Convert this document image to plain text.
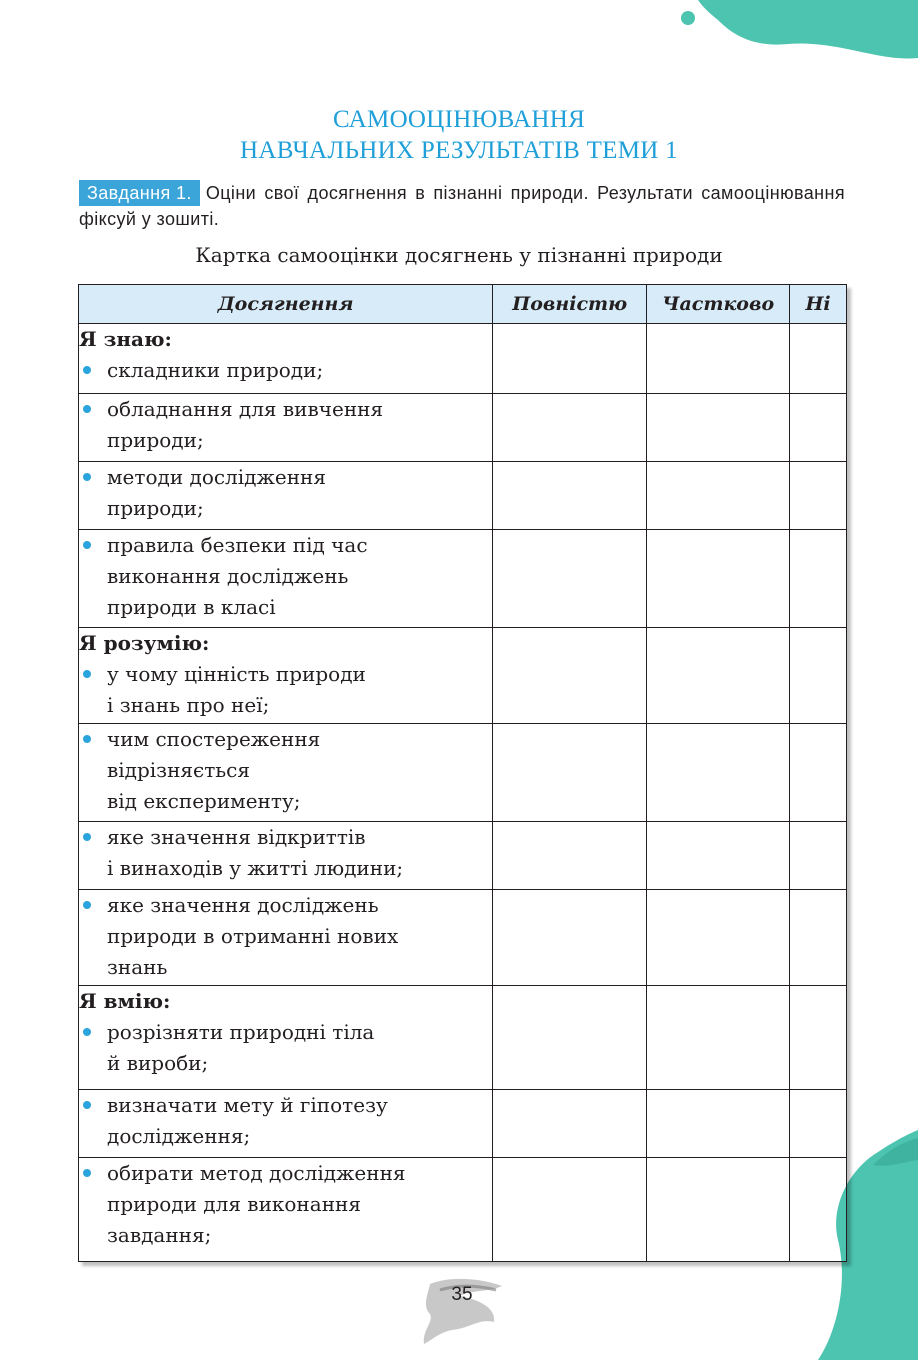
САМООЦІНЮВАННЯ
НАВЧАЛЬНИХ РЕЗУЛЬТАТІВ ТЕМИ 1
Завдання 1. Оціни свої досягнення в пізнанні природи. Результати самооцінювання фіксуй у зошиті.
Картка самооцінки досягнень у пізнанні природи
Досягнення	Повністю	Частково	Ні

Я знаю:
складники природи;			

обладнання для вивчення
природи;			

методи дослідження
природи;			

правила безпеки під час
виконання досліджень
природи в класі			

Я розумію:
у чому цінність природи
і знань про неї;			

чим спостереження
відрізняється
від експерименту;			

яке значення відкриттів
і винаходів у житті людини;			

яке значення досліджень
природи в отриманні нових
знань			

Я вмію:
розрізняти природні тіла
й вироби;			

визначати мету й гіпотезу
дослідження;			

обирати метод дослідження
природи для виконання
завдання;			

35
